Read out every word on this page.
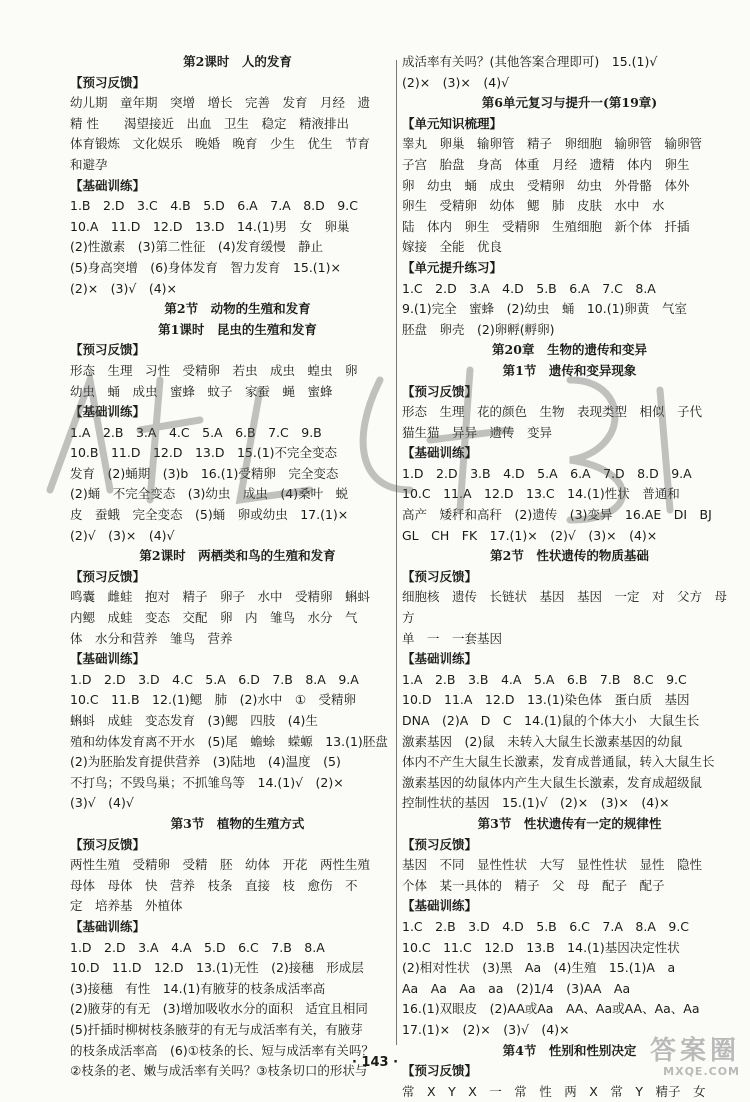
第2课时　人的发育
【预习反馈】
幼儿期　童年期　突增　增长　完善　发育　月经　遗
精 性　　渴望接近　出血　卫生　稳定　精液排出
体育锻炼　文化娱乐　晚婚　晚育　少生　优生　节育
和避孕
【基础训练】
1.B　2.D　3.C　4.B　5.D　6.A　7.A　8.D　9.C
10.A　11.D　12.D　13.D　14.(1)男　女　卵巢
(2)性激素　(3)第二性征　(4)发育缓慢　静止
(5)身高突增　(6)身体发育　智力发育　15.(1)×
(2)×　(3)√　(4)×
第2节　动物的生殖和发育
第1课时　昆虫的生殖和发育
【预习反馈】
形态　生理　习性　受精卵　若虫　成虫　蝗虫　卵
幼虫　蛹　成虫　蜜蜂　蚊子　家蚕　蝇　蜜蜂
【基础训练】
1.A　2.B　3.A　4.C　5.A　6.B　7.C　9.B
10.B　11.D　12.D　13.D　15.(1)不完全变态
发育　(2)蛹期　(3)b　16.(1)受精卵　完全变态
(2)蛹　不完全变态　(3)幼虫　成虫　(4)桑叶　蜕
皮　蚕蛾　完全变态　(5)蛹　卵或幼虫　17.(1)×
(2)√　(3)×　(4)√
第2课时　两栖类和鸟的生殖和发育
【预习反馈】
鸣囊　雌蛙　抱对　精子　卵子　水中　受精卵　蝌蚪
内鳃　成蛙　变态　交配　卵　内　雏鸟　水分　气
体　水分和营养　雏鸟　营养
【基础训练】
1.D　2.D　3.D　4.C　5.A　6.D　7.B　8.A　9.A
10.C　11.B　12.(1)鳃　肺　(2)水中　①　受精卵
蝌蚪　成蛙　变态发育　(3)鳃　四肢　(4)生
殖和幼体发育离不开水　(5)尾　蟾蜍　蝾螈　13.(1)胚盘
(2)为胚胎发育提供营养　(3)陆地　(4)温度　(5)
不打鸟；不毁鸟巢；不抓雏鸟等　14.(1)√　(2)×
(3)√　(4)√
第3节　植物的生殖方式
【预习反馈】
两性生殖　受精卵　受精　胚　幼体　开花　两性生殖
母体　母体　快　营养　枝条　直接　枝　愈伤　不
定　培养基　外植体
【基础训练】
1.D　2.D　3.A　4.A　5.D　6.C　7.B　8.A
10.D　11.D　12.D　13.(1)无性　(2)接穗　形成层
(3)接穗　有性　14.(1)有腋芽的枝条成活率高
(2)腋芽的有无　(3)增加吸收水分的面积　适宜且相同
(5)扦插时柳树枝条腋芽的有无与成活率有关，有腋芽
的枝条成活率高　(6)①枝条的长、短与成活率有关吗？
②枝条的老、嫩与成活率有关吗？③枝条切口的形状与
成活率有关吗？(其他答案合理即可)　15.(1)√
(2)×　(3)×　(4)√
第6单元复习与提升一(第19章)
【单元知识梳理】
睾丸　卵巢　输卵管　精子　卵细胞　输卵管　输卵管
子宫　胎盘　身高　体重　月经　遗精　体内　卵生
卵　幼虫　蛹　成虫　受精卵　幼虫　外骨骼　体外
卵生　受精卵　幼体　鳃　肺　皮肤　水中　水
陆　体内　卵生　受精卵　生殖细胞　新个体　扦插
嫁接　全能　优良
【单元提升练习】
1.C　2.D　3.A　4.D　5.B　6.A　7.C　8.A
9.(1)完全　蜜蜂　(2)幼虫　蛹　10.(1)卵黄　气室
胚盘　卵壳　(2)卵孵(孵卵)
第20章　生物的遗传和变异
第1节　遗传和变异现象
【预习反馈】
形态　生理　花的颜色　生物　表现类型　相似　子代
猫生猫　异异　遗传　变异
【基础训练】
1.D　2.D　3.B　4.D　5.A　6.A　7.D　8.D　9.A
10.C　11.A　12.D　13.C　14.(1)性状　普通和
高产　矮秆和高秆　(2)遗传　(3)变异　16.AE　DI　BJ
GL　CH　FK　17.(1)×　(2)√　(3)×　(4)×
第2节　性状遗传的物质基础
【预习反馈】
细胞核　遗传　长链状　基因　基因　一定　对　父方　母方
单　一　一套基因
【基础训练】
1.A　2.B　3.B　4.A　5.A　6.B　7.B　8.C　9.C
10.D　11.A　12.D　13.(1)染色体　蛋白质　基因
DNA　(2)A　D　C　14.(1)鼠的个体大小　大鼠生长
激素基因　(2)鼠　未转入大鼠生长激素基因的幼鼠
体内不产生大鼠生长激素，发育成普通鼠，转入大鼠生长
激素基因的幼鼠体内产生大鼠生长激素，发育成超级鼠
控制性状的基因　15.(1)√　(2)×　(3)×　(4)×
第3节　性状遗传有一定的规律性
【预习反馈】
基因　不同　显性性状　大写　显性性状　显性　隐性
个体　某一具体的　精子　父　母　配子　配子
【基础训练】
1.C　2.B　3.D　4.D　5.B　6.C　7.A　8.A　9.C
10.C　11.C　12.D　13.B　14.(1)基因决定性状
(2)相对性状　(3)黑　Aa　(4)生殖　15.(1)A　a
Aa　Aa　Aa　aa　(2)1/4　(3)AA　Aa
16.(1)双眼皮　(2)AA或Aa　AA、Aa或AA、Aa、Aa
17.(1)×　(2)×　(3)√　(4)×
第4节　性别和性别决定
【预习反馈】
常　X　Y　X　一　常　性　两　X　常　Y　精子　女
· 143 ·	答案圈
MXQE.COM
